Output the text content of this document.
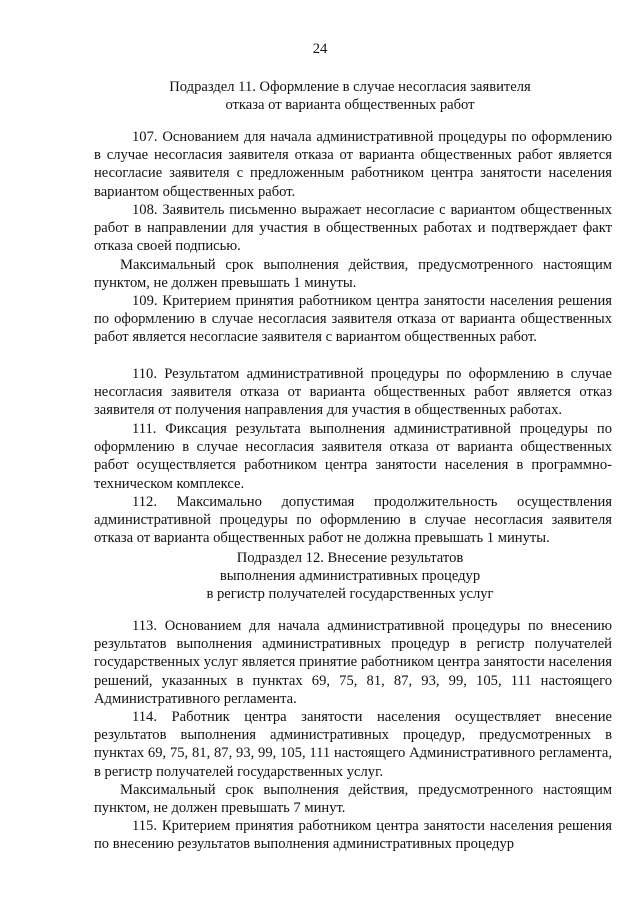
24
Подраздел 11. Оформление в случае несогласия заявителя
отказа от варианта общественных работ

107. Основанием для начала административной процедуры по оформлению в случае несогласия заявителя отказа от варианта общественных работ является несогласие заявителя с предложенным работником центра занятости населения вариантом общественных работ.

108. Заявитель письменно выражает несогласие с вариантом общественных работ в направлении для участия в общественных работах и подтверждает факт отказа своей подписью.

Максимальный срок выполнения действия, предусмотренного настоящим пунктом, не должен превышать 1 минуты.

109. Критерием принятия работником центра занятости населения решения по оформлению в случае несогласия заявителя отказа от варианта общественных работ является несогласие заявителя с вариантом общественных работ.

110. Результатом административной процедуры по оформлению в случае несогласия заявителя отказа от варианта общественных работ является отказ заявителя от получения направления для участия в общественных работах.

111. Фиксация результата выполнения административной процедуры по оформлению в случае несогласия заявителя отказа от варианта общественных работ осуществляется работником центра занятости населения в программно-техническом комплексе.

112. Максимально допустимая продолжительность осуществления административной процедуры по оформлению в случае несогласия заявителя отказа от варианта общественных работ не должна превышать 1 минуты.

Подраздел 12. Внесение результатов
выполнения административных процедур
в регистр получателей государственных услуг

113. Основанием для начала административной процедуры по внесению результатов выполнения административных процедур в регистр получателей государственных услуг является принятие работником центра занятости населения решений, указанных в пунктах 69, 75, 81, 87, 93, 99, 105, 111 настоящего Административного регламента.

114. Работник центра занятости населения осуществляет внесение результатов выполнения административных процедур, предусмотренных в пунктах 69, 75, 81, 87, 93, 99, 105, 111 настоящего Административного регламента, в регистр получателей государственных услуг.

Максимальный срок выполнения действия, предусмотренного настоящим пунктом, не должен превышать 7 минут.

115. Критерием принятия работником центра занятости населения решения по внесению результатов выполнения административных процедур
